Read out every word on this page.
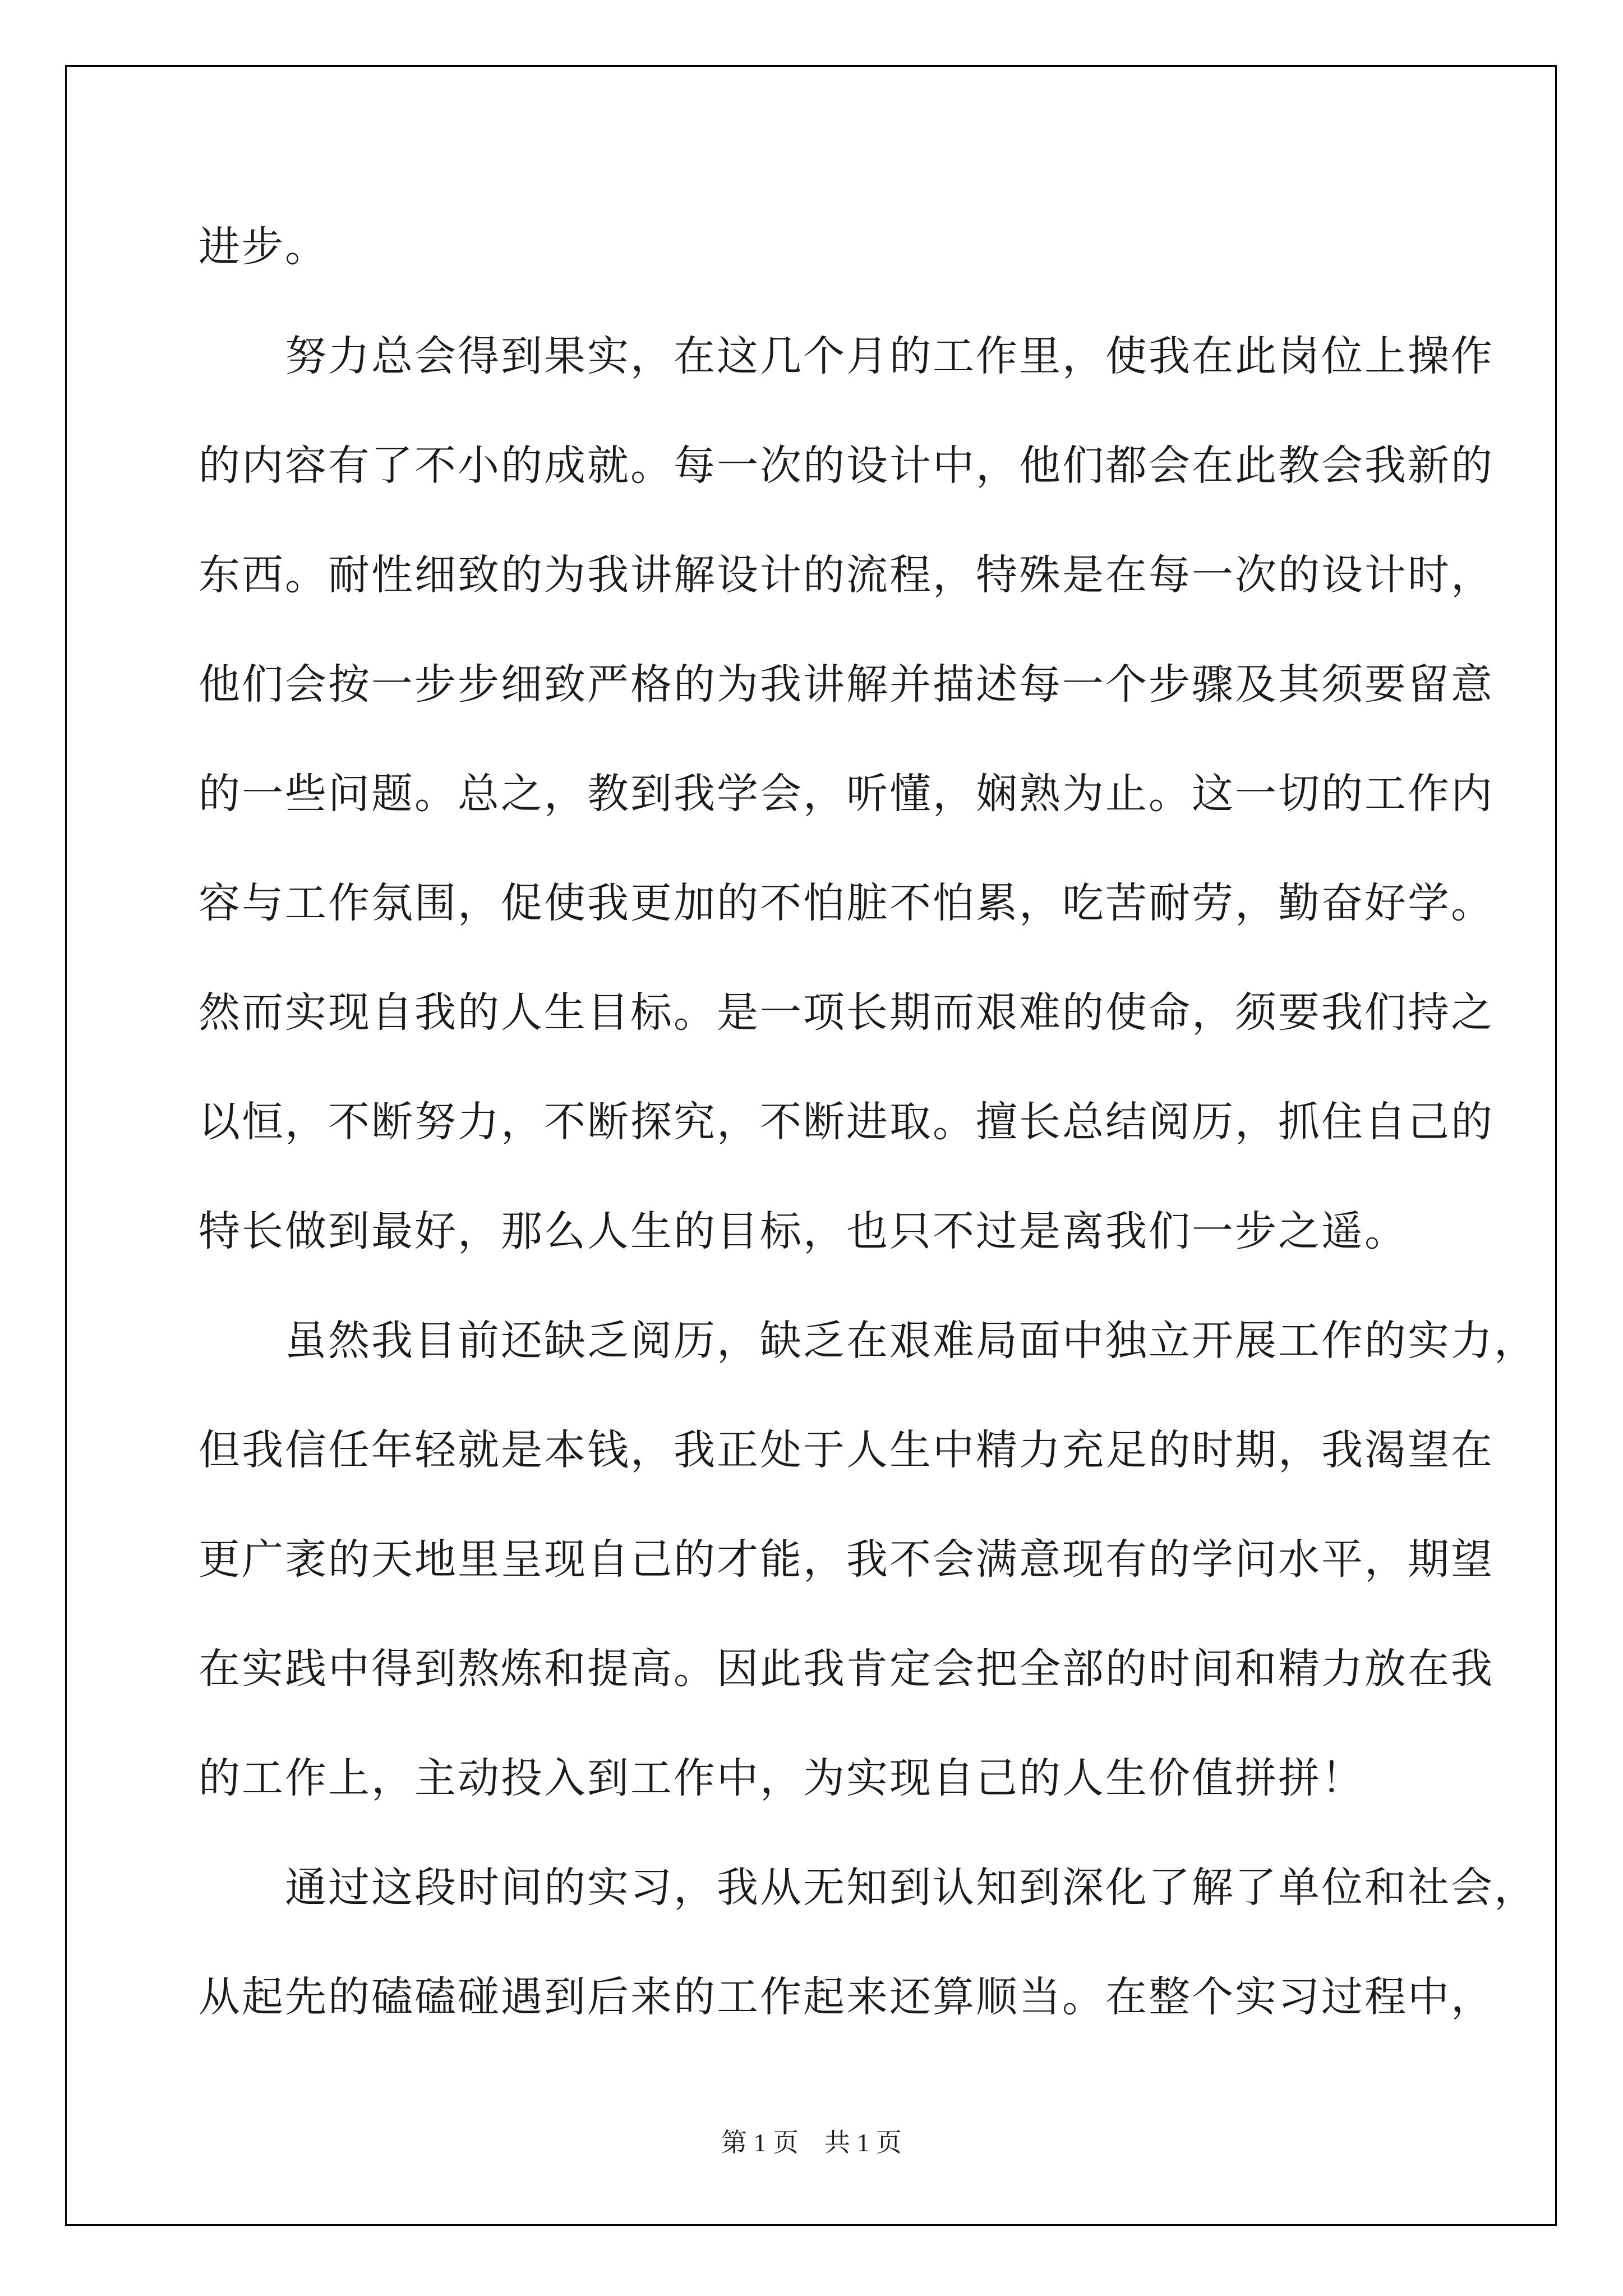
进步。
　　努力总会得到果实，在这几个月的工作里，使我在此岗位上操作
的内容有了不小的成就。每一次的设计中，他们都会在此教会我新的
东西。耐性细致的为我讲解设计的流程，特殊是在每一次的设计时，
他们会按一步步细致严格的为我讲解并描述每一个步骤及其须要留意
的一些问题。总之，教到我学会，听懂，娴熟为止。这一切的工作内
容与工作氛围，促使我更加的不怕脏不怕累，吃苦耐劳，勤奋好学。
然而实现自我的人生目标。是一项长期而艰难的使命，须要我们持之
以恒，不断努力，不断探究，不断进取。擅长总结阅历，抓住自己的
特长做到最好，那么人生的目标，也只不过是离我们一步之遥。
　　虽然我目前还缺乏阅历，缺乏在艰难局面中独立开展工作的实力，
但我信任年轻就是本钱，我正处于人生中精力充足的时期，我渴望在
更广袤的天地里呈现自己的才能，我不会满意现有的学问水平，期望
在实践中得到熬炼和提高。因此我肯定会把全部的时间和精力放在我
的工作上，主动投入到工作中，为实现自己的人生价值拼拼！
　　通过这段时间的实习，我从无知到认知到深化了解了单位和社会，
从起先的磕磕碰遇到后来的工作起来还算顺当。在整个实习过程中，
第 1 页　共 1 页
